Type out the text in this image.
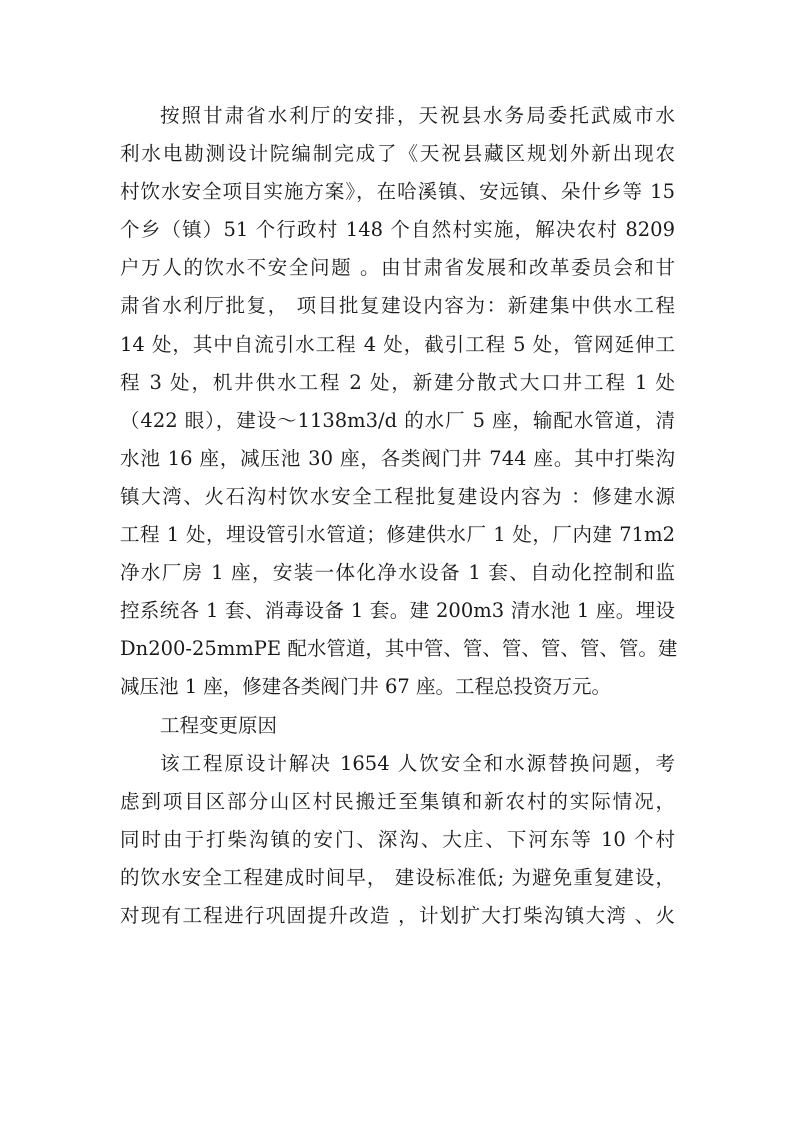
按照甘肃省水利厅的安排，天祝县水务局委托武威市水
利水电勘测设计院编制完成了《天祝县藏区规划外新出现农
村饮水安全项目实施方案》，在哈溪镇、安远镇、朵什乡等 15
个乡（镇）51 个行政村 148 个自然村实施，解决农村 8209
户万人的饮水不安全问题 。由甘肃省发展和改革委员会和甘
肃省水利厅批复， 项目批复建设内容为：新建集中供水工程
14 处，其中自流引水工程 4 处，截引工程 5 处，管网延伸工
程 3 处，机井供水工程 2 处，新建分散式大口井工程 1 处
（422 眼），建设～1138m3/d 的水厂 5 座，输配水管道，清
水池 16 座，减压池 30 座，各类阀门井 744 座。其中打柴沟
镇大湾、火石沟村饮水安全工程批复建设内容为 ：修建水源
工程 1 处，埋设管引水管道；修建供水厂 1 处，厂内建 71m2
净水厂房 1 座，安装一体化净水设备 1 套、自动化控制和监
控系统各 1 套、消毒设备 1 套。建 200m3 清水池 1 座。埋设
Dn200-25mmPE 配水管道，其中管、管、管、管、管、管。建
减压池 1 座，修建各类阀门井 67 座。工程总投资万元。
工程变更原因
该工程原设计解决 1654 人饮安全和水源替换问题，考
虑到项目区部分山区村民搬迁至集镇和新农村的实际情况，
同时由于打柴沟镇的安门、深沟、大庄、下河东等 10 个村
的饮水安全工程建成时间早， 建设标准低; 为避免重复建设，
对现有工程进行巩固提升改造 ，计划扩大打柴沟镇大湾 、火
